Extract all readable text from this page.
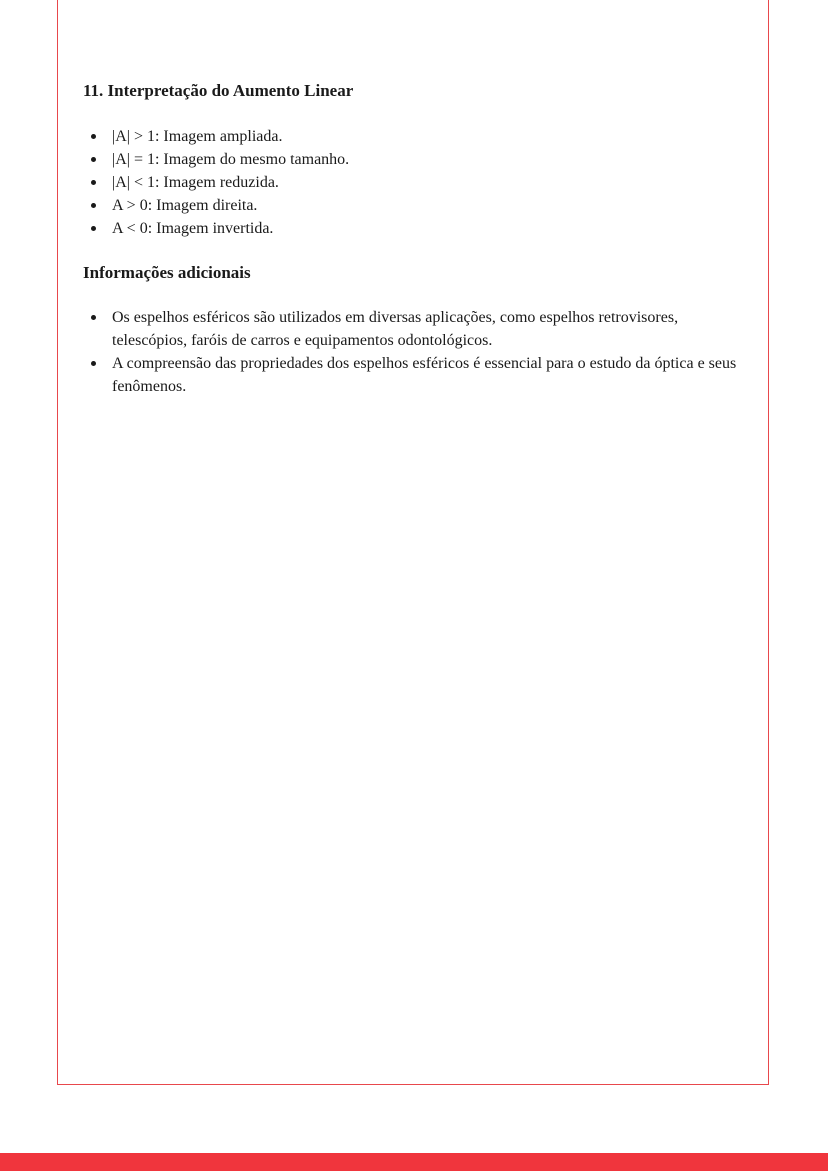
11. Interpretação do Aumento Linear
|A| > 1: Imagem ampliada.
|A| = 1: Imagem do mesmo tamanho.
|A| < 1: Imagem reduzida.
A > 0: Imagem direita.
A < 0: Imagem invertida.
Informações adicionais
Os espelhos esféricos são utilizados em diversas aplicações, como espelhos retrovisores, telescópios, faróis de carros e equipamentos odontológicos.
A compreensão das propriedades dos espelhos esféricos é essencial para o estudo da óptica e seus fenômenos.
